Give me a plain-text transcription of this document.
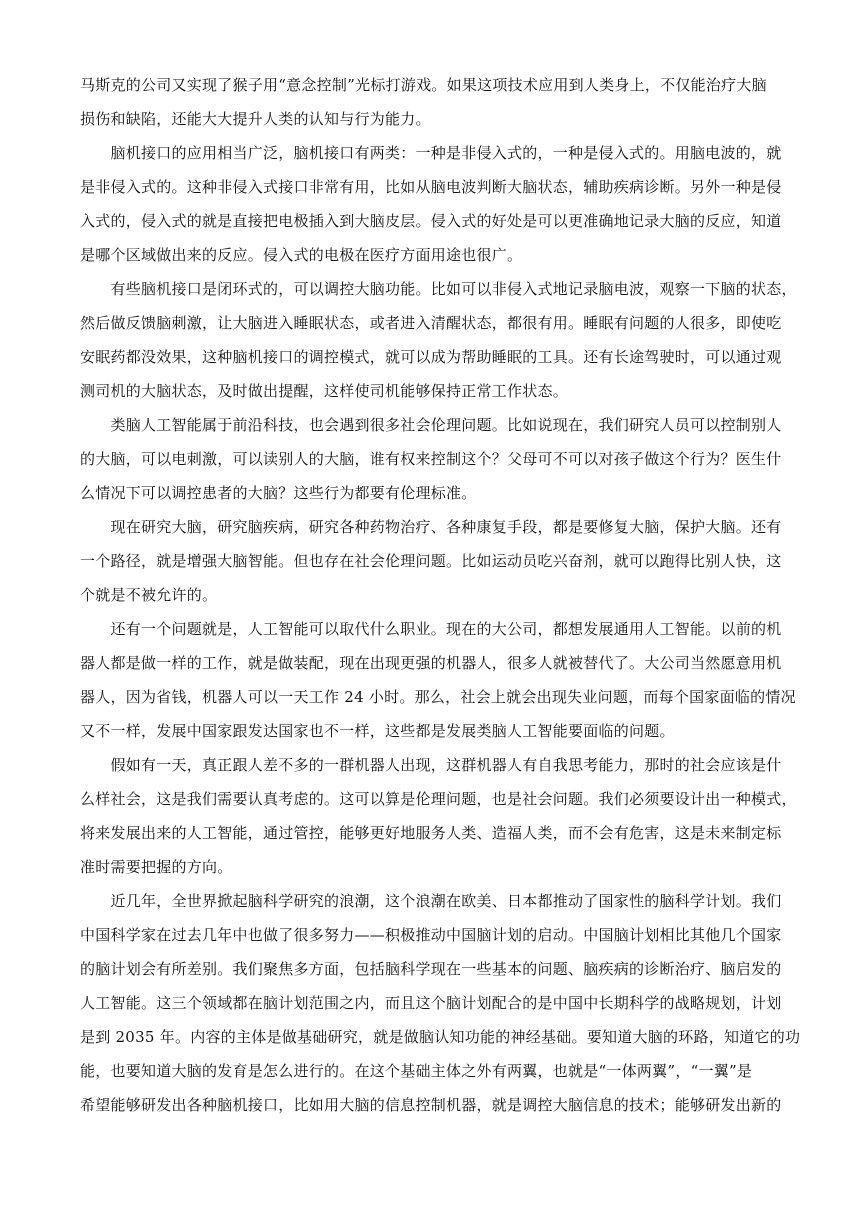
马斯克的公司又实现了猴子用“意念控制”光标打游戏。如果这项技术应用到人类身上，不仅能治疗大脑
损伤和缺陷，还能大大提升人类的认知与行为能力。
　　脑机接口的应用相当广泛，脑机接口有两类：一种是非侵入式的，一种是侵入式的。用脑电波的，就
是非侵入式的。这种非侵入式接口非常有用，比如从脑电波判断大脑状态，辅助疾病诊断。另外一种是侵
入式的，侵入式的就是直接把电极插入到大脑皮层。侵入式的好处是可以更准确地记录大脑的反应，知道
是哪个区域做出来的反应。侵入式的电极在医疗方面用途也很广。
　　有些脑机接口是闭环式的，可以调控大脑功能。比如可以非侵入式地记录脑电波，观察一下脑的状态，
然后做反馈脑刺激，让大脑进入睡眠状态，或者进入清醒状态，都很有用。睡眠有问题的人很多，即使吃
安眠药都没效果，这种脑机接口的调控模式，就可以成为帮助睡眠的工具。还有长途驾驶时，可以通过观
测司机的大脑状态，及时做出提醒，这样使司机能够保持正常工作状态。
　　类脑人工智能属于前沿科技，也会遇到很多社会伦理问题。比如说现在，我们研究人员可以控制别人
的大脑，可以电刺激，可以读别人的大脑，谁有权来控制这个？父母可不可以对孩子做这个行为？医生什
么情况下可以调控患者的大脑？这些行为都要有伦理标准。
　　现在研究大脑，研究脑疾病，研究各种药物治疗、各种康复手段，都是要修复大脑，保护大脑。还有
一个路径，就是增强大脑智能。但也存在社会伦理问题。比如运动员吃兴奋剂，就可以跑得比别人快，这
个就是不被允许的。
　　还有一个问题就是，人工智能可以取代什么职业。现在的大公司，都想发展通用人工智能。以前的机
器人都是做一样的工作，就是做装配，现在出现更强的机器人，很多人就被替代了。大公司当然愿意用机
器人，因为省钱，机器人可以一天工作 24 小时。那么，社会上就会出现失业问题，而每个国家面临的情况
又不一样，发展中国家跟发达国家也不一样，这些都是发展类脑人工智能要面临的问题。
　　假如有一天，真正跟人差不多的一群机器人出现，这群机器人有自我思考能力，那时的社会应该是什
么样社会，这是我们需要认真考虑的。这可以算是伦理问题，也是社会问题。我们必须要设计出一种模式，
将来发展出来的人工智能，通过管控，能够更好地服务人类、造福人类，而不会有危害，这是未来制定标
准时需要把握的方向。
　　近几年，全世界掀起脑科学研究的浪潮，这个浪潮在欧美、日本都推动了国家性的脑科学计划。我们
中国科学家在过去几年中也做了很多努力——积极推动中国脑计划的启动。中国脑计划相比其他几个国家
的脑计划会有所差别。我们聚焦多方面，包括脑科学现在一些基本的问题、脑疾病的诊断治疗、脑启发的
人工智能。这三个领域都在脑计划范围之内，而且这个脑计划配合的是中国中长期科学的战略规划，计划
是到 2035 年。内容的主体是做基础研究，就是做脑认知功能的神经基础。要知道大脑的环路，知道它的功
能，也要知道大脑的发育是怎么进行的。在这个基础主体之外有两翼，也就是“一体两翼”，“一翼”是
希望能够研发出各种脑机接口，比如用大脑的信息控制机器，就是调控大脑信息的技术；能够研发出新的
